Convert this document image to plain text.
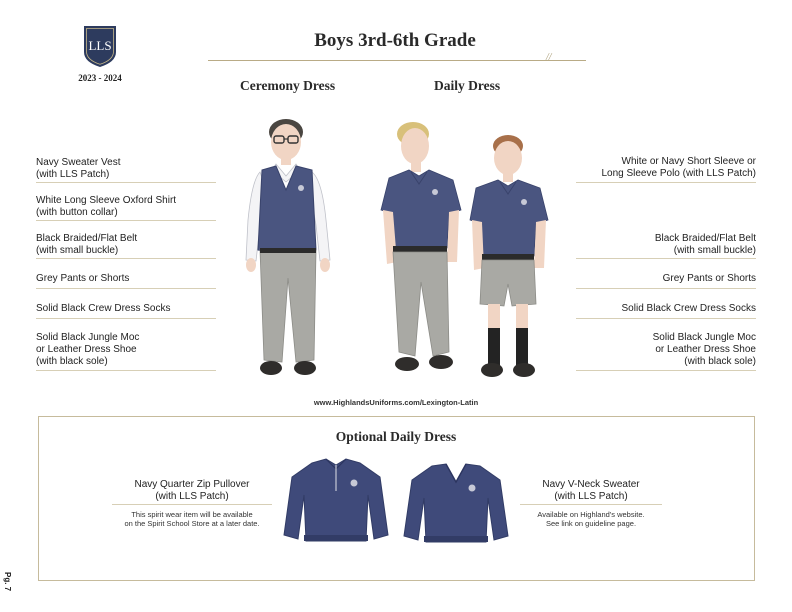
LLS
2023 - 2024
Boys 3rd-6th Grade
//
Ceremony Dress	Daily Dress
Navy Sweater Vest
(with LLS Patch)
White Long Sleeve Oxford Shirt
(with button collar)
Black Braided/Flat Belt
(with small buckle)
Grey Pants or Shorts
Solid Black Crew Dress Socks
Solid Black Jungle Moc
or Leather Dress Shoe
(with black sole)
White or Navy Short Sleeve or
Long Sleeve Polo (with LLS Patch)
Black Braided/Flat Belt
(with small buckle)
Grey Pants or Shorts
Solid Black Crew Dress Socks
Solid Black Jungle Moc
or Leather Dress Shoe
(with black sole)
www.HighlandsUniforms.com/Lexington-Latin
Optional Daily Dress
Navy Quarter Zip Pullover
(with LLS Patch)
This spirit wear item will be available
on the Spirit School Store at a later date.
Navy V-Neck Sweater
(with LLS Patch)
Available on Highland's website.
See link on guideline page.
Pg. 7
